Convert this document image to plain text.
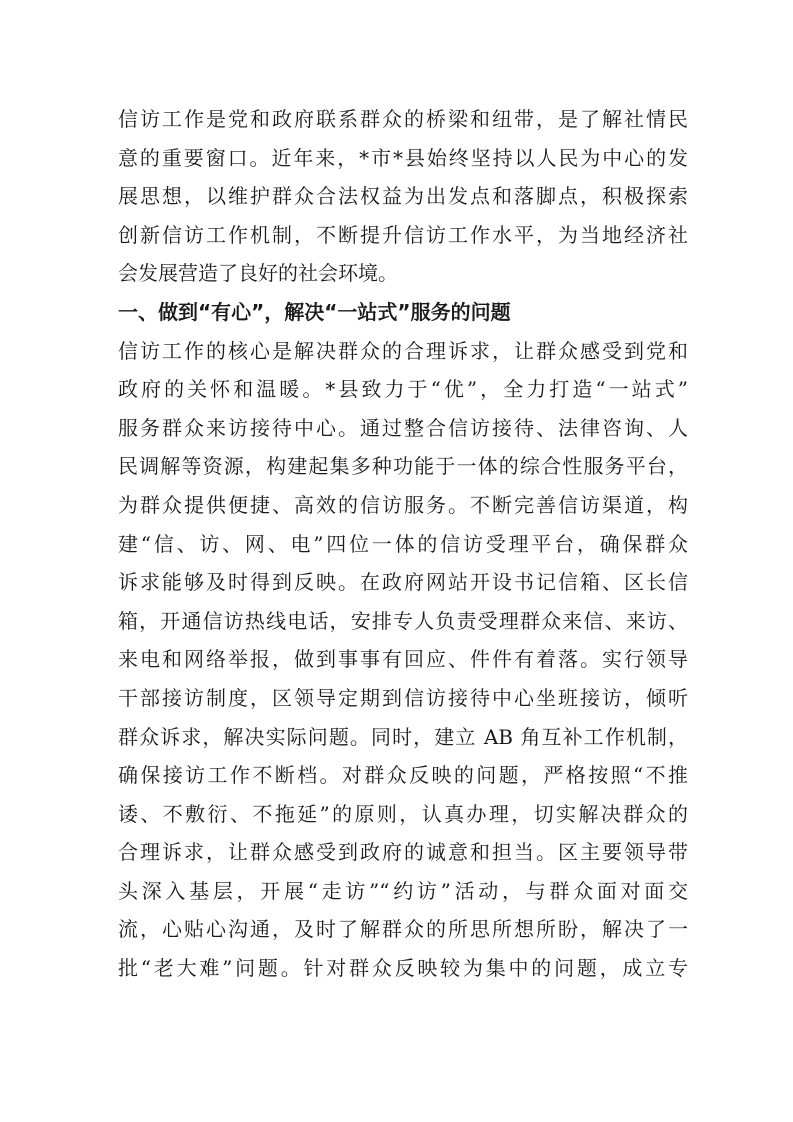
信访工作是党和政府联系群众的桥梁和纽带，是了解社情民
意的重要窗口。近年来，*市*县始终坚持以人民为中心的发
展思想，以维护群众合法权益为出发点和落脚点，积极探索
创新信访工作机制，不断提升信访工作水平，为当地经济社
会发展营造了良好的社会环境。
一、做到“有心”，解决“一站式”服务的问题
信访工作的核心是解决群众的合理诉求，让群众感受到党和
政府的关怀和温暖。*县致力于“优”，全力打造“一站式”
服务群众来访接待中心。通过整合信访接待、法律咨询、人
民调解等资源，构建起集多种功能于一体的综合性服务平台，
为群众提供便捷、高效的信访服务。不断完善信访渠道，构
建“信、访、网、电”四位一体的信访受理平台，确保群众
诉求能够及时得到反映。在政府网站开设书记信箱、区长信
箱，开通信访热线电话，安排专人负责受理群众来信、来访、
来电和网络举报，做到事事有回应、件件有着落。实行领导
干部接访制度，区领导定期到信访接待中心坐班接访，倾听
群众诉求，解决实际问题。同时，建立 AB 角互补工作机制，
确保接访工作不断档。对群众反映的问题，严格按照“不推
诿、不敷衍、不拖延”的原则，认真办理，切实解决群众的
合理诉求，让群众感受到政府的诚意和担当。区主要领导带
头深入基层，开展“走访”“约访”活动，与群众面对面交
流，心贴心沟通，及时了解群众的所思所想所盼，解决了一
批“老大难”问题。针对群众反映较为集中的问题，成立专
